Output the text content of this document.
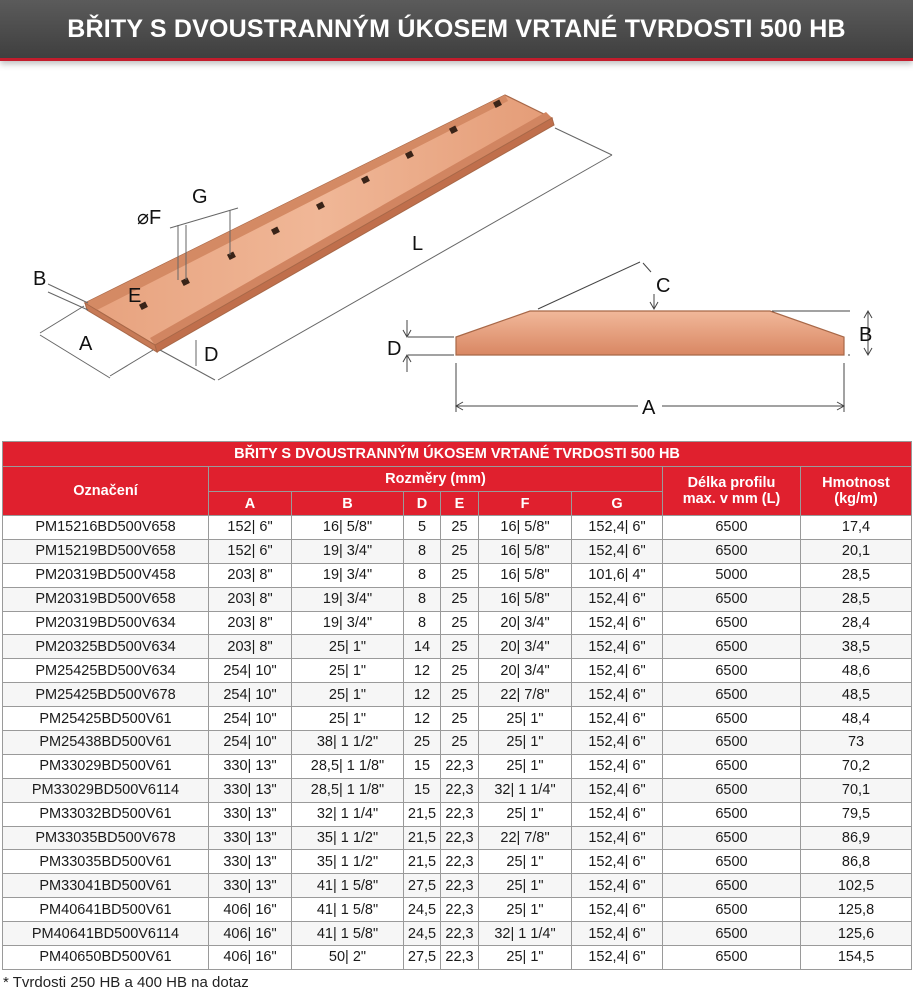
BŘITY S DVOUSTRANNÝM ÚKOSEM VRTANÉ TVRDOSTI 500 HB
G
⌀F
L
B
E
A	D
C
B
D
A
BŘITY S DVOUSTRANNÝM ÚKOSEM VRTANÉ TVRDOSTI 500 HB								
Označení	Rozměry (mm)						Délka profilu
max. v mm (L)	Hmotnost
(kg/m)
	A	B	D	E	F	G		
PM15216BD500V658	152| 6"	16| 5/8"	5	25	16| 5/8"	152,4| 6"	6500	17,4
PM15219BD500V658	152| 6"	19| 3/4"	8	25	16| 5/8"	152,4| 6"	6500	20,1
PM20319BD500V458	203| 8"	19| 3/4"	8	25	16| 5/8"	101,6| 4"	5000	28,5
PM20319BD500V658	203| 8"	19| 3/4"	8	25	16| 5/8"	152,4| 6"	6500	28,5
PM20319BD500V634	203| 8"	19| 3/4"	8	25	20| 3/4"	152,4| 6"	6500	28,4
PM20325BD500V634	203| 8"	25| 1"	14	25	20| 3/4"	152,4| 6"	6500	38,5
PM25425BD500V634	254| 10"	25| 1"	12	25	20| 3/4"	152,4| 6"	6500	48,6
PM25425BD500V678	254| 10"	25| 1"	12	25	22| 7/8"	152,4| 6"	6500	48,5
PM25425BD500V61	254| 10"	25| 1"	12	25	25| 1"	152,4| 6"	6500	48,4
PM25438BD500V61	254| 10"	38| 1 1/2"	25	25	25| 1"	152,4| 6"	6500	73
PM33029BD500V61	330| 13"	28,5| 1 1/8"	15	22,3	25| 1"	152,4| 6"	6500	70,2
PM33029BD500V6114	330| 13"	28,5| 1 1/8"	15	22,3	32| 1 1/4"	152,4| 6"	6500	70,1
PM33032BD500V61	330| 13"	32| 1 1/4"	21,5	22,3	25| 1"	152,4| 6"	6500	79,5
PM33035BD500V678	330| 13"	35| 1 1/2"	21,5	22,3	22| 7/8"	152,4| 6"	6500	86,9
PM33035BD500V61	330| 13"	35| 1 1/2"	21,5	22,3	25| 1"	152,4| 6"	6500	86,8
PM33041BD500V61	330| 13"	41| 1 5/8"	27,5	22,3	25| 1"	152,4| 6"	6500	102,5
PM40641BD500V61	406| 16"	41| 1 5/8"	24,5	22,3	25| 1"	152,4| 6"	6500	125,8
PM40641BD500V6114	406| 16"	41| 1 5/8"	24,5	22,3	32| 1 1/4"	152,4| 6"	6500	125,6
PM40650BD500V61	406| 16"	50| 2"	27,5	22,3	25| 1"	152,4| 6"	6500	154,5
* Tvrdosti 250 HB a 400 HB na dotaz
